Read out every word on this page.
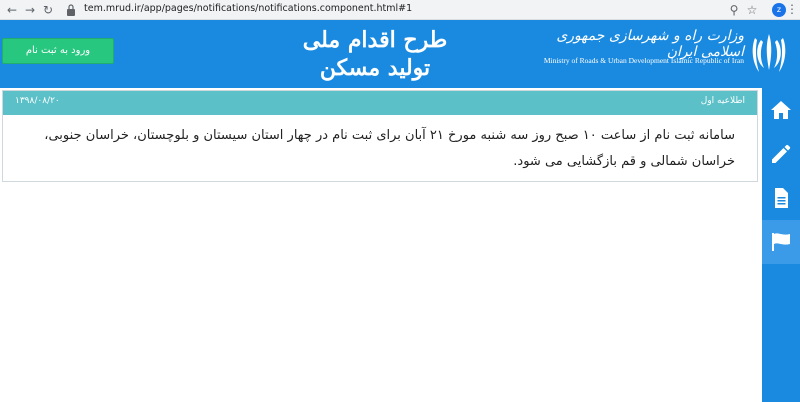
← → ↻	tem.mrud.ir/app/pages/notifications/notifications.component.html#1	⚲ ☆	z ⋮
ورود به ثبت نام	طرح اقدام ملی تولید مسکن
وزارت راه و شهرسازی جمهوری اسلامی ایران
Ministry of Roads & Urban Development Islamic Republic of Iran
اطلاعیه اول
۱۳۹۸/۰۸/۲۰
سامانه ثبت نام از ساعت ۱۰ صبح روز سه شنبه مورخ ۲۱ آبان برای ثبت نام در چهار استان سیستان و بلوچستان، خراسان جنوبی، خراسان شمالی و قم بازگشایی می شود.
